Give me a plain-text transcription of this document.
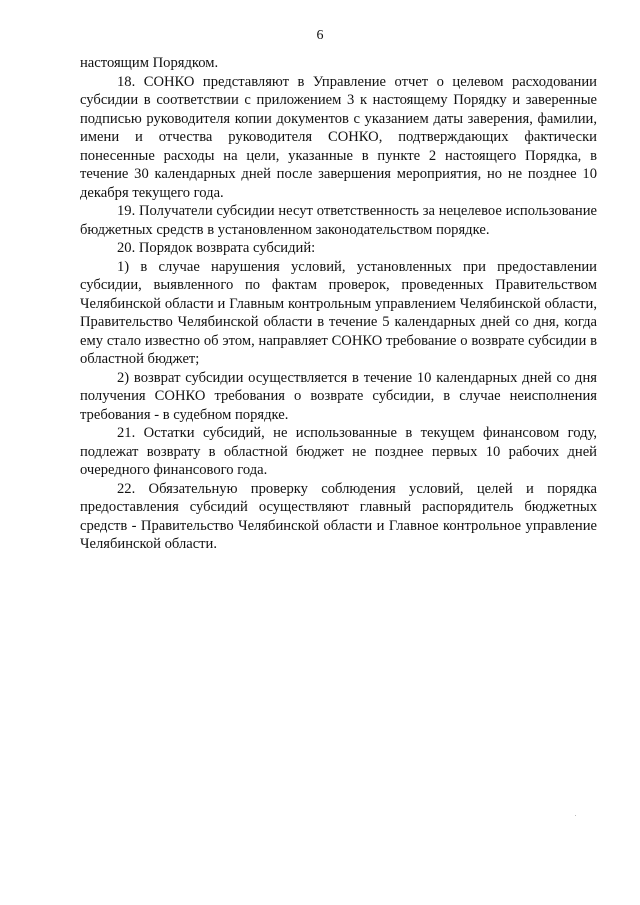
6

настоящим Порядком.

18. СОНКО представляют в Управление отчет о целевом расходовании субсидии в соответствии с приложением 3 к настоящему Порядку и заверенные подписью руководителя копии документов с указанием даты заверения, фамилии, имени и отчества руководителя СОНКО, подтверждающих фактически понесенные расходы на цели, указанные в пункте 2 настоящего Порядка, в течение 30 календарных дней после завершения мероприятия, но не позднее 10 декабря текущего года.

19. Получатели субсидии несут ответственность за нецелевое использование бюджетных средств в установленном законодательством порядке.

20. Порядок возврата субсидий:

1) в случае нарушения условий, установленных при предоставлении субсидии, выявленного по фактам проверок, проведенных Правительством Челябинской области и Главным контрольным управлением Челябинской области, Правительство Челябинской области в течение 5 календарных дней со дня, когда ему стало известно об этом, направляет СОНКО требование о возврате субсидии в областной бюджет;

2) возврат субсидии осуществляется в течение 10 календарных дней со дня получения СОНКО требования о возврате субсидии, в случае неисполнения требования - в судебном порядке.

21. Остатки субсидий, не использованные в текущем финансовом году, подлежат возврату в областной бюджет не позднее первых 10 рабочих дней очередного финансового года.

22. Обязательную проверку соблюдения условий, целей и порядка предоставления субсидий осуществляют главный распорядитель бюджетных средств - Правительство Челябинской области и Главное контрольное управление Челябинской области.
